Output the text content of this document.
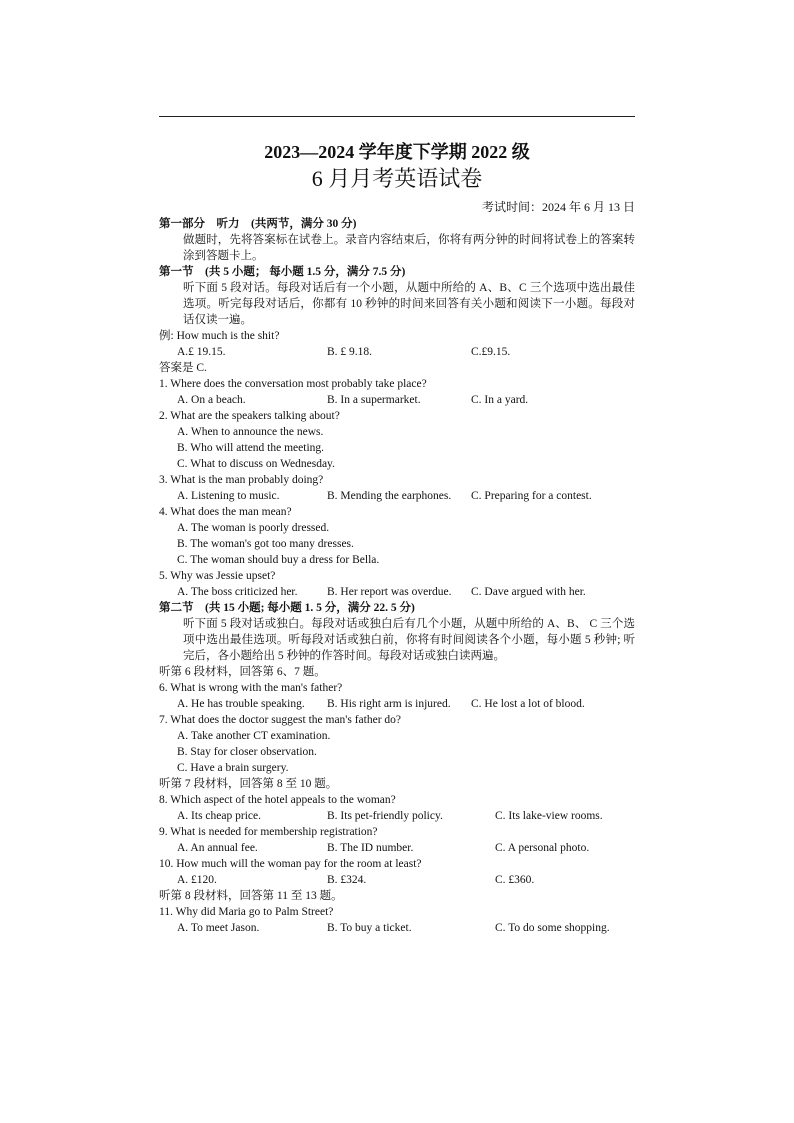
2023—2024 学年度下学期 2022 级
6 月月考英语试卷
考试时间：2024 年 6 月 13 日
第一部分　听力　(共两节，满分 30 分)
做题时，先将答案标在试卷上。录音内容结束后，你将有两分钟的时间将试卷上的答案转涂到答题卡上。
第一节　(共 5 小题； 每小题 1.5 分，满分 7.5 分)
听下面 5 段对话。每段对话后有一个小题，从题中所给的 A、B、C 三个选项中选出最佳选项。听完每段对话后，你都有 10 秒钟的时间来回答有关小题和阅读下一小题。每段对话仅读一遍。
例: How much is the shit?
A.£ 19.15.	B. £ 9.18.	C.£9.15.
答案是 C.
1. Where does the conversation most probably take place?
A. On a beach.	B. In a supermarket.	C. In a yard.
2. What are the speakers talking about?
A. When to announce the news.
B. Who will attend the meeting.
C. What to discuss on Wednesday.
3. What is the man probably doing?
A. Listening to music.	B. Mending the earphones. C. Preparing for a contest.
4. What does the man mean?
A. The woman is poorly dressed.
B. The woman's got too many dresses.
C. The woman should buy a dress for Bella.
5. Why was Jessie upset?
A. The boss criticized her.	B. Her report was overdue. C. Dave argued with her.
第二节　(共 15 小题; 每小题 1. 5 分，满分 22. 5 分)
听下面 5 段对话或独白。每段对话或独白后有几个小题，从题中所给的 A、B、 C 三个选项中选出最佳选项。听每段对话或独白前，你将有时间阅读各个小题，每小题 5 秒钟; 听完后，各小题给出 5 秒钟的作答时间。每段对话或独白读两遍。
听第 6 段材料，回答第 6、7 题。
6. What is wrong with the man's father?
A. He has trouble speaking. B. His right arm is injured. C. He lost a lot of blood.
7. What does the doctor suggest the man's father do?
A. Take another CT examination.
B. Stay for closer observation.
C. Have a brain surgery.
听第 7 段材料，回答第 8 至 10 题。
8. Which aspect of the hotel appeals to the woman?
A. Its cheap price.	B. Its pet-friendly policy.	C. Its lake-view rooms.
9. What is needed for membership registration?
A. An annual fee.	B. The ID number.	C. A personal photo.
10. How much will the woman pay for the room at least?
A. £120.	B. £324.	C. £360.
听第 8 段材料，回答第 11 至 13 题。
11. Why did Maria go to Palm Street?
A. To meet Jason.	B. To buy a ticket.	C. To do some shopping.
